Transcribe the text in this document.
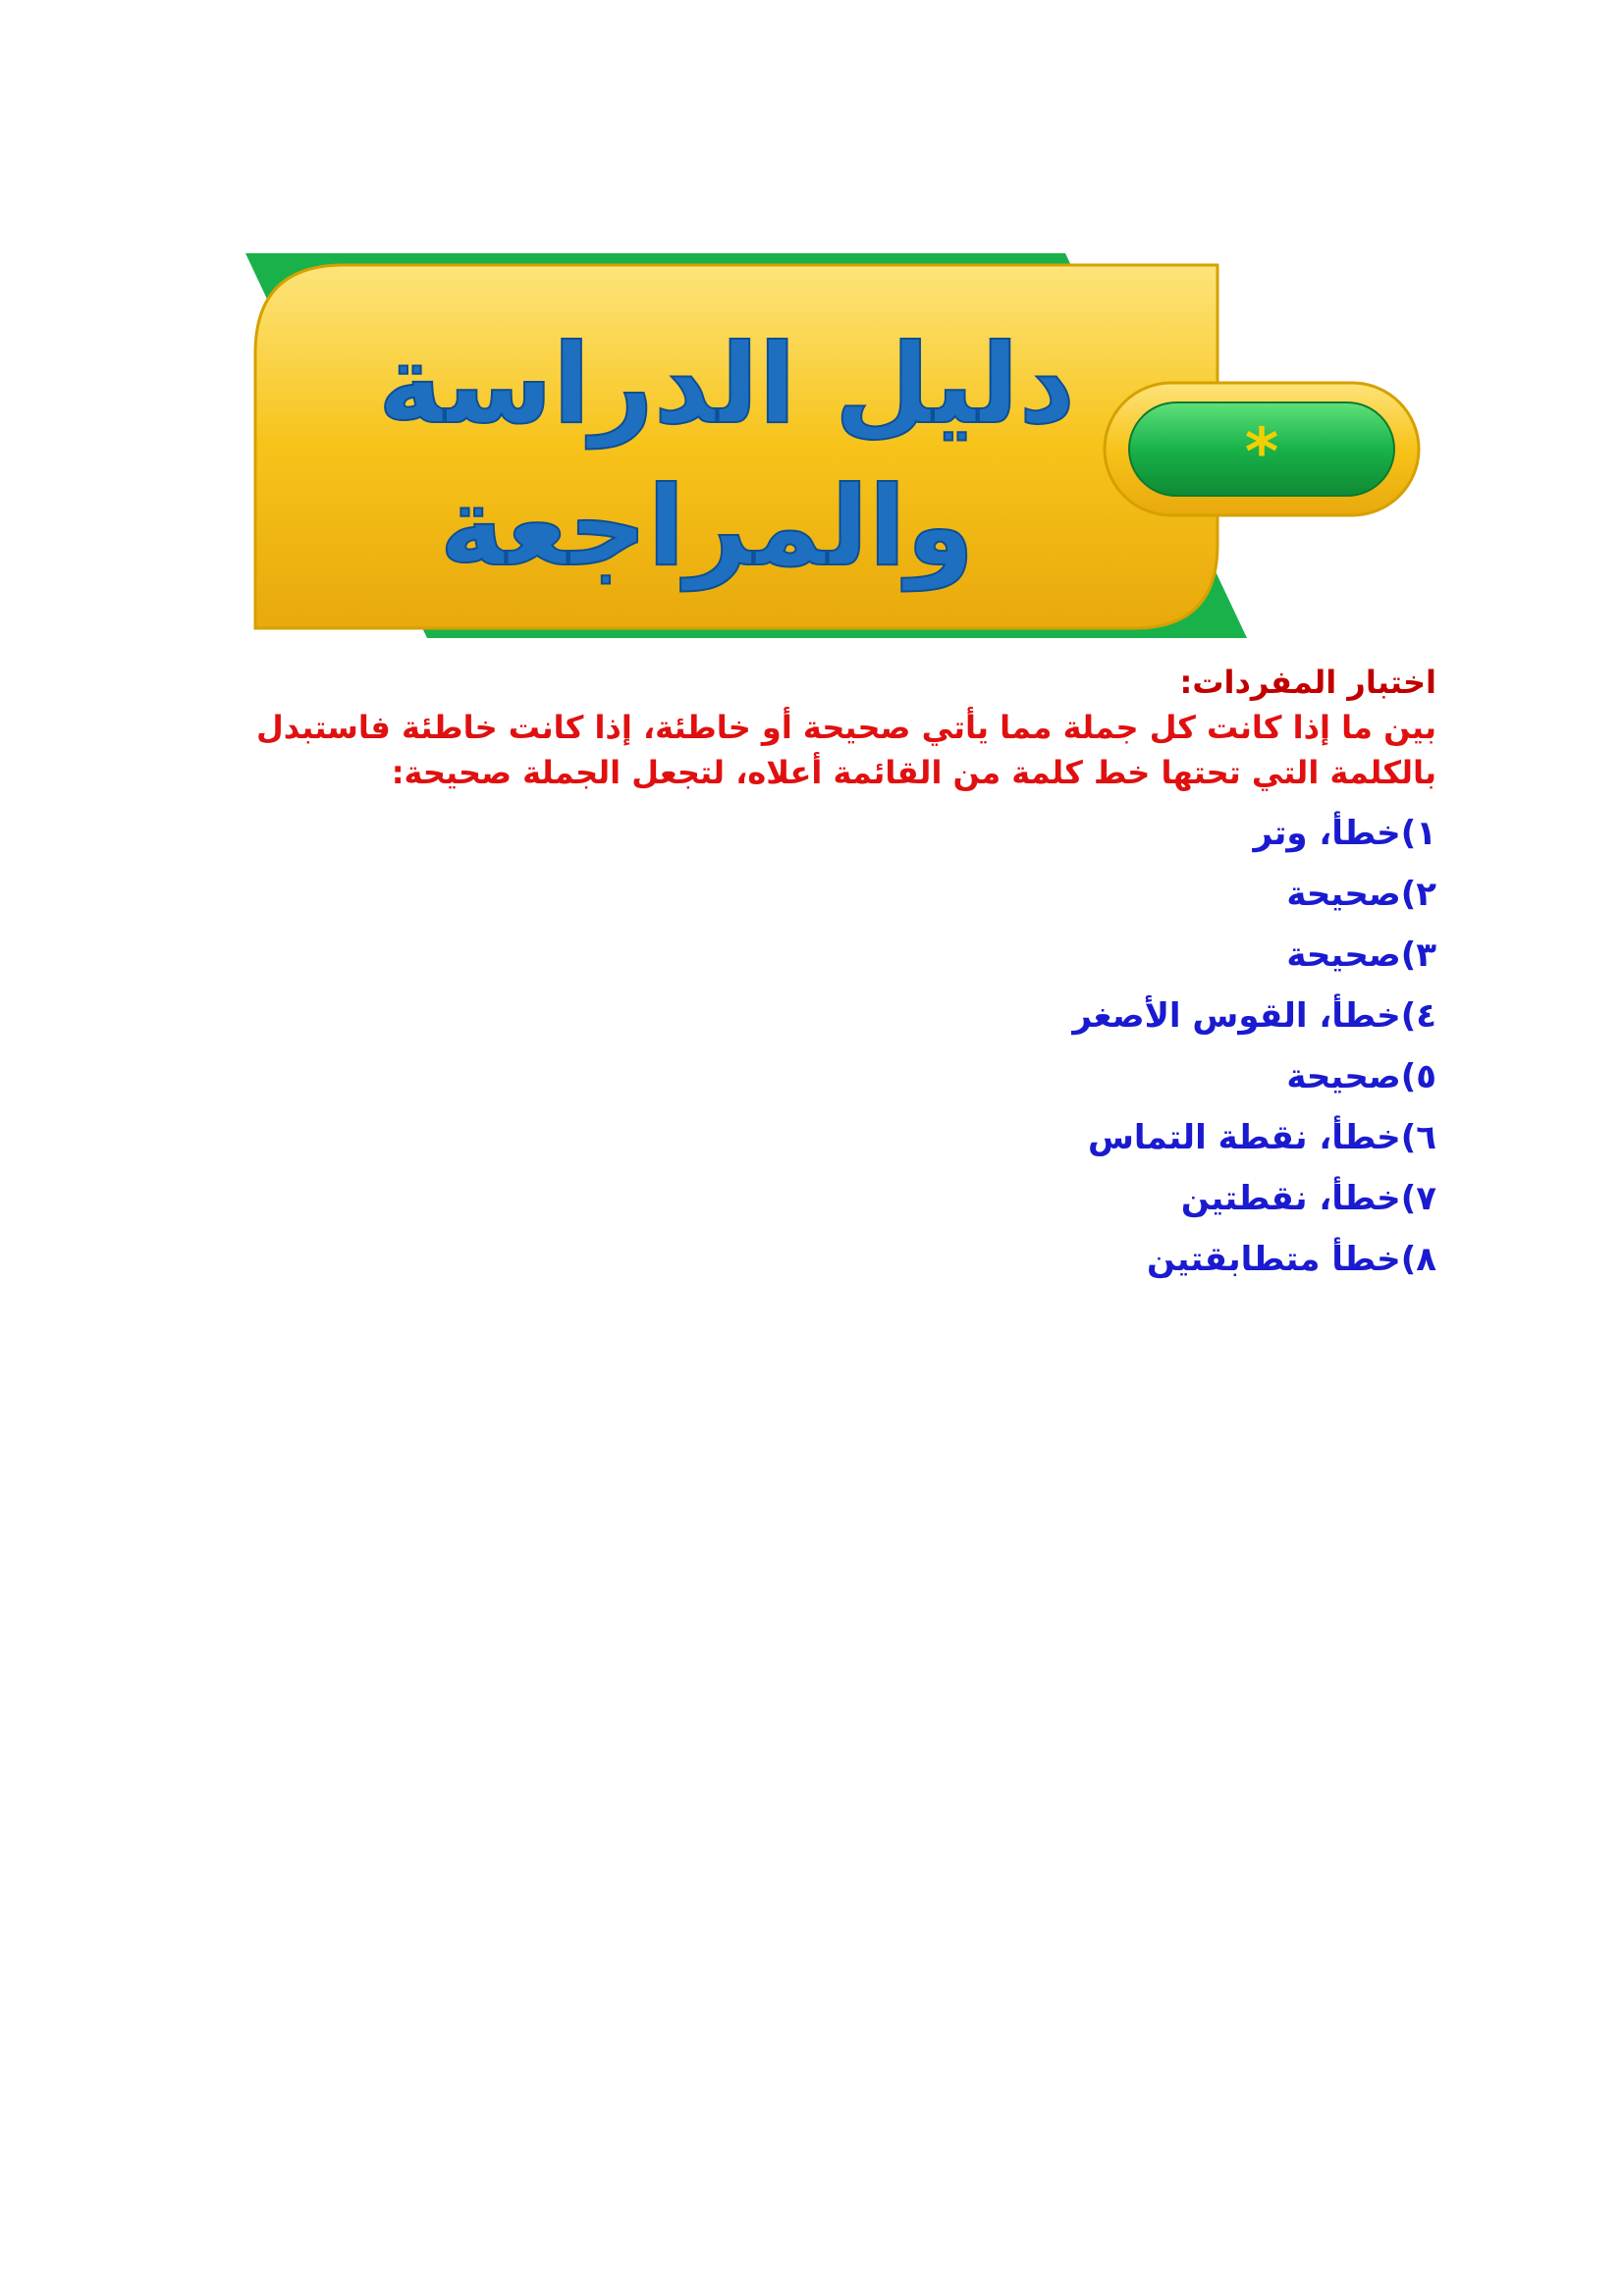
*
دليل الدراسة
والمراجعة

اختبار المفردات:

بين ما إذا كانت كل جملة مما يأتي صحيحة أو خاطئة، إذا كانت خاطئة فاستبدل بالكلمة التي تحتها خط كلمة من القائمة أعلاه، لتجعل الجملة صحيحة:

١)خطأ، وتر
٢)صحيحة
٣)صحيحة
٤)خطأ، القوس الأصغر
٥)صحيحة
٦)خطأ، نقطة التماس
٧)خطأ، نقطتين
٨)خطأ متطابقتين
